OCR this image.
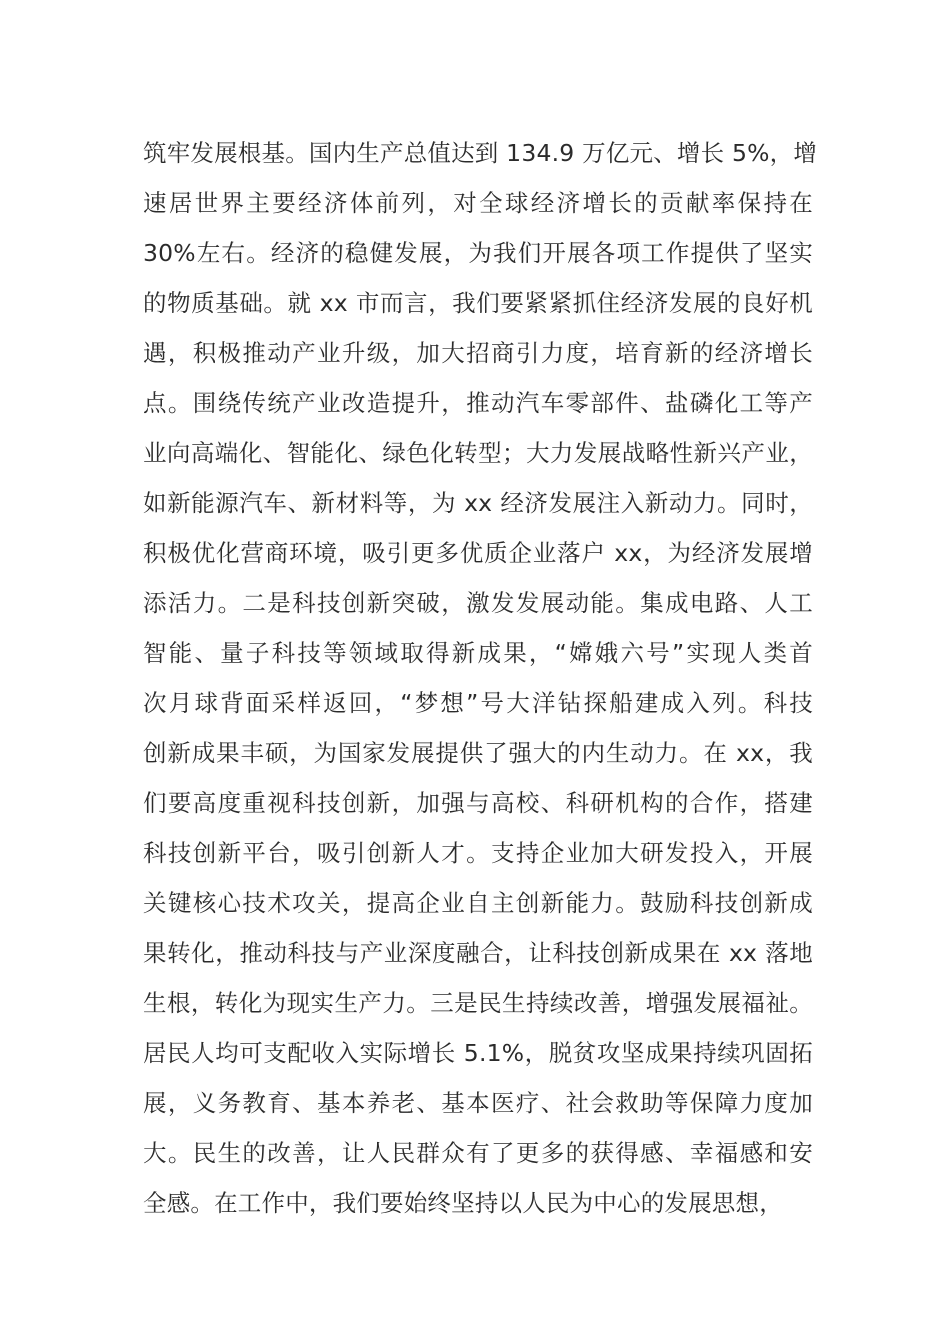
筑牢发展根基。国内生产总值达到 134.9 万亿元、增长 5%，增
速居世界主要经济体前列，对全球经济增长的贡献率保持在
30%左右。经济的稳健发展，为我们开展各项工作提供了坚实
的物质基础。就 xx 市而言，我们要紧紧抓住经济发展的良好机
遇，积极推动产业升级，加大招商引力度，培育新的经济增长
点。围绕传统产业改造提升，推动汽车零部件、盐磷化工等产
业向高端化、智能化、绿色化转型；大力发展战略性新兴产业，
如新能源汽车、新材料等，为 xx 经济发展注入新动力。同时，
积极优化营商环境，吸引更多优质企业落户 xx，为经济发展增
添活力。二是科技创新突破，激发发展动能。集成电路、人工
智能、量子科技等领域取得新成果，“嫦娥六号”实现人类首
次月球背面采样返回，“梦想”号大洋钻探船建成入列。科技
创新成果丰硕，为国家发展提供了强大的内生动力。在 xx，我
们要高度重视科技创新，加强与高校、科研机构的合作，搭建
科技创新平台，吸引创新人才。支持企业加大研发投入，开展
关键核心技术攻关，提高企业自主创新能力。鼓励科技创新成
果转化，推动科技与产业深度融合，让科技创新成果在 xx 落地
生根，转化为现实生产力。三是民生持续改善，增强发展福祉。
居民人均可支配收入实际增长 5.1%，脱贫攻坚成果持续巩固拓
展，义务教育、基本养老、基本医疗、社会救助等保障力度加
大。民生的改善，让人民群众有了更多的获得感、幸福感和安
全感。在工作中，我们要始终坚持以人民为中心的发展思想，
